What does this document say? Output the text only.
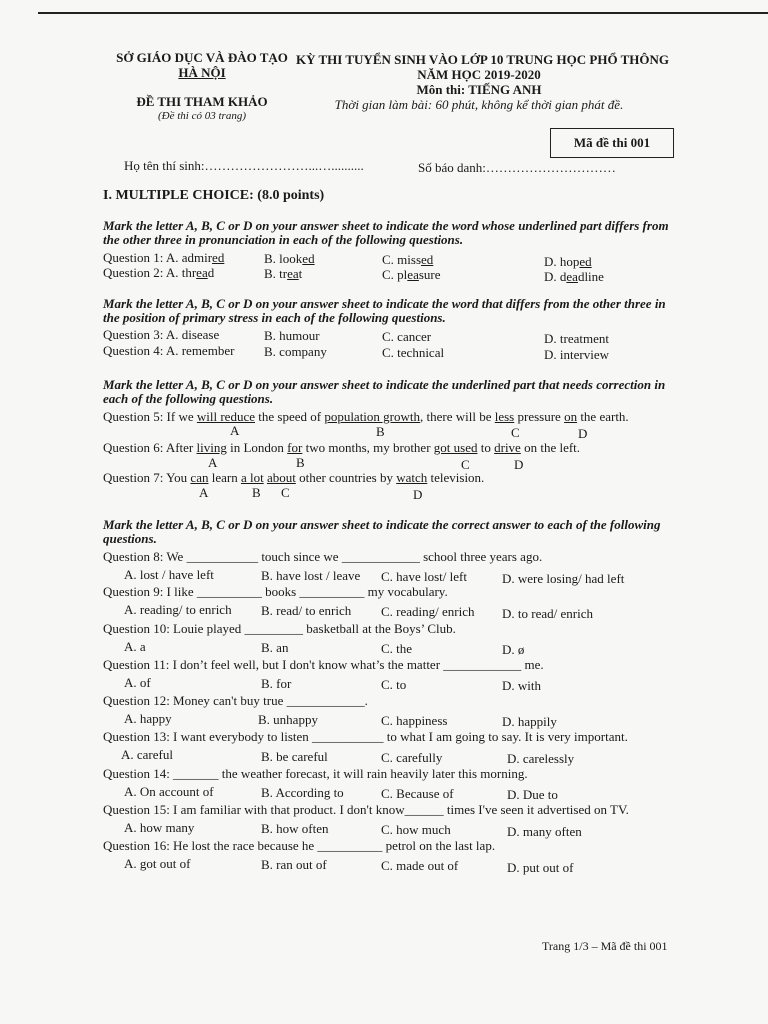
SỞ GIÁO DỤC VÀ ĐÀO TẠO
HÀ NỘI
ĐỀ THI THAM KHẢO
(Đề thi có 03 trang)
KỲ THI TUYỂN SINH VÀO LỚP 10 TRUNG HỌC PHỔ THÔNG
NĂM HỌC 2019-2020
Môn thi: TIẾNG ANH
Thời gian làm bài: 60 phút, không kể thời gian phát đề.
Mã đề thi 001
Họ tên thí sinh:……………………...…..........	Số báo danh:…………………………
I. MULTIPLE CHOICE: (8.0 points)
Mark the letter A, B, C or D on your answer sheet to indicate the word whose underlined part differs from the other three in pronunciation in each of the following questions.
Question 1: A. admired	B. looked	C. missed	D. hoped
Question 2: A. thread	B. treat	C. pleasure	D. deadline
Mark the letter A, B, C or D on your answer sheet to indicate the word that differs from the other three in the position of primary stress in each of the following questions.
Question 3: A. disease	B. humour	C. cancer	D. treatment
Question 4: A. remember B. company	C. technical	D. interview
Mark the letter A, B, C or D on your answer sheet to indicate the underlined part that needs correction in each of the following questions.
Question 5: If we will reduce the speed of population growth, there will be less pressure on the earth.
A	B	C	D
Question 6: After living in London for two months, my brother got used to drive on the left.
A	B	C	D
Question 7: You can learn a lot about other countries by watch television.
A	B C	D
Mark the letter A, B, C or D on your answer sheet to indicate the correct answer to each of the following questions.
Question 8: We ___________ touch since we ____________ school three years ago.
A. lost / have left	B. have lost / leave C. have lost/ left	D. were losing/ had left
Question 9: I like __________ books __________ my vocabulary.
A. reading/ to enrich B. read/ to enrich C. reading/ enrich D. to read/ enrich
Question 10: Louie played _________ basketball at the Boys’ Club.
A. a	B. an	C. the	D. ø
Question 11: I don’t feel well, but I don't know what’s the matter ____________ me.
A. of	B. for	C. to	D. with
Question 12: Money can't buy true ____________.
A. happy	B. unhappy	C. happiness	D. happily
Question 13: I want everybody to listen ___________ to what I am going to say. It is very important.
A. careful	B. be careful	C. carefully	D. carelessly
Question 14: _______ the weather forecast, it will rain heavily later this morning.
A. On account of	B. According to	C. Because of	D. Due to
Question 15: I am familiar with that product. I don't know______ times I've seen it advertised on TV.
A. how many	B. how often	C. how much	D. many often
Question 16: He lost the race because he __________ petrol on the last lap.
A. got out of	B. ran out of	C. made out of	D. put out of
Trang 1/3 – Mã đề thi 001
